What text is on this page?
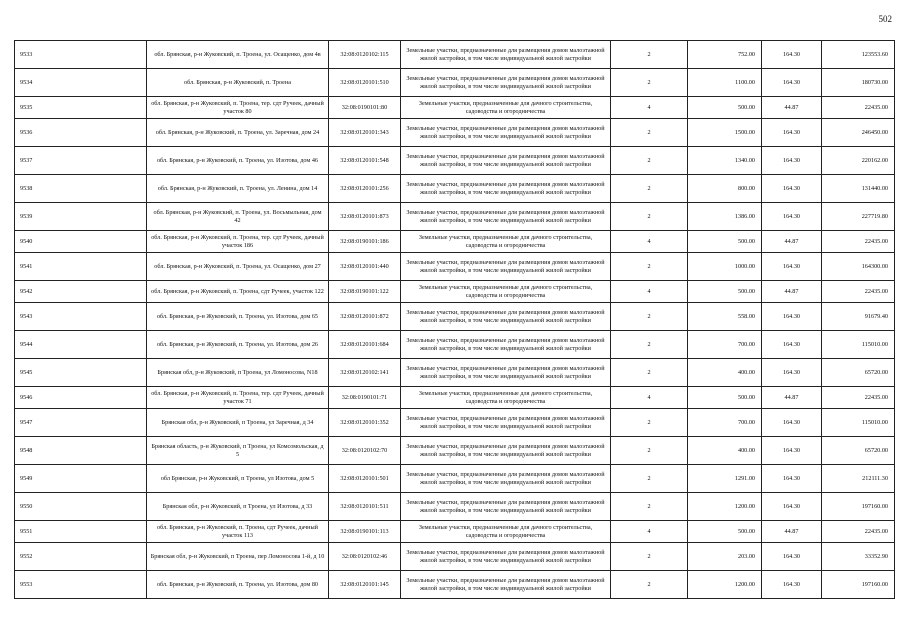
502
9533	обл. Брянская, р-н Жуковский, п. Троена, ул. Осащенко, дом 4в	32:08:0120102:115	Земельные участки, предназначенные для размещения домов малоэтажной жилой застройки, в том числе индивидуальной жилой застройки	2	752.00	164.30	123553.60
9534	обл. Брянская, р-н Жуковский, п. Троена	32:08:0120101:510	Земельные участки, предназначенные для размещения домов малоэтажной жилой застройки, в том числе индивидуальной жилой застройки	2	1100.00	164.30	180730.00
9535	обл. Брянская, р-н Жуковский, п. Троена, тер. сдт Ручеек, дачный участок 80	32:08:0190101:80	Земельные участки, предназначенные для дачного строительства, садоводства и огородничества	4	500.00	44.87	22435.00
9536	обл. Брянская, р-н Жуковский, п. Троена, ул. Заречная, дом 24	32:08:0120101:343	Земельные участки, предназначенные для размещения домов малоэтажной жилой застройки, в том числе индивидуальной жилой застройки	2	1500.00	164.30	246450.00
9537	обл. Брянская, р-н Жуковский, п. Троена, ул. Изотова, дом 46	32:08:0120101:548	Земельные участки, предназначенные для размещения домов малоэтажной жилой застройки, в том числе индивидуальной жилой застройки	2	1340.00	164.30	220162.00
9538	обл. Брянская, р-н Жуковский, п. Троена, ул. Ленина, дом 14	32:08:0120101:256	Земельные участки, предназначенные для размещения домов малоэтажной жилой застройки, в том числе индивидуальной жилой застройки	2	800.00	164.30	131440.00
9539	обл. Брянская, р-н Жуковский, п. Троена, ул. Восьмыльная, дом 42	32:08:0120101:873	Земельные участки, предназначенные для размещения домов малоэтажной жилой застройки, в том числе индивидуальной жилой застройки	2	1386.00	164.30	227719.80
9540	обл. Брянская, р-н Жуковский, п. Троена, тер. сдт Ручеек, дачный участок 186	32:08:0190101:186	Земельные участки, предназначенные для дачного строительства, садоводства и огородничества	4	500.00	44.87	22435.00
9541	обл. Брянская, р-н Жуковский, п. Троена, ул. Осащенко, дом 27	32:08:0120101:440	Земельные участки, предназначенные для размещения домов малоэтажной жилой застройки, в том числе индивидуальной жилой застройки	2	1000.00	164.30	164300.00
9542	обл. Брянская, р-н Жуковский, п. Троена, сдт Ручеек, участок 122	32:08:0190101:122	Земельные участки, предназначенные для дачного строительства, садоводства и огородничества	4	500.00	44.87	22435.00
9543	обл. Брянская, р-н Жуковский, п. Троена, ул. Изотова, дом 65	32:08:0120101:872	Земельные участки, предназначенные для размещения домов малоэтажной жилой застройки, в том числе индивидуальной жилой застройки	2	558.00	164.30	91679.40
9544	обл. Брянская, р-н Жуковский, п. Троена, ул. Изотова, дом 26	32:08:0120101:684	Земельные участки, предназначенные для размещения домов малоэтажной жилой застройки, в том числе индивидуальной жилой застройки	2	700.00	164.30	115010.00
9545	Брянская обл, р-н Жуковский, п Троена, ул Ломоносова, N18	32:08:0120102:141	Земельные участки, предназначенные для размещения домов малоэтажной жилой застройки, в том числе индивидуальной жилой застройки	2	400.00	164.30	65720.00
9546	обл. Брянская, р-н Жуковский, п. Троена, тер. сдт Ручеек, дачный участок 71	32:08:0190101:71	Земельные участки, предназначенные для дачного строительства, садоводства и огородничества	4	500.00	44.87	22435.00
9547	Брянская обл, р-н Жуковский, п Троена, ул Заречная, д 34	32:08:0120101:352	Земельные участки, предназначенные для размещения домов малоэтажной жилой застройки, в том числе индивидуальной жилой застройки	2	700.00	164.30	115010.00
9548	Брянская область, р-н Жуковский, п Троена, ул Комсомольская, д 5	32:08:0120102:70	Земельные участки, предназначенные для размещения домов малоэтажной жилой застройки, в том числе индивидуальной жилой застройки	2	400.00	164.30	65720.00
9549	обл Брянская, р-н Жуковский, п Троена, ул Изотова, дом 5	32:08:0120101:501	Земельные участки, предназначенные для размещения домов малоэтажной жилой застройки, в том числе индивидуальной жилой застройки	2	1291.00	164.30	212111.30
9550	Брянская обл, р-н Жуковский, п Троена, ул Изотова, д 33	32:08:0120101:511	Земельные участки, предназначенные для размещения домов малоэтажной жилой застройки, в том числе индивидуальной жилой застройки	2	1200.00	164.30	197160.00
9551	обл. Брянская, р-н Жуковский, п. Троена, сдт Ручеек, дачный участок 113	32:08:0190101:113	Земельные участки, предназначенные для дачного строительства, садоводства и огородничества	4	500.00	44.87	22435.00
9552	Брянская обл, р-н Жуковский, п Троена, пер Ломоносова 1-й, д 10	32:08:0120102:46	Земельные участки, предназначенные для размещения домов малоэтажной жилой застройки, в том числе индивидуальной жилой застройки	2	203.00	164.30	33352.90
9553	обл. Брянская, р-н Жуковский, п. Троена, ул. Изотова, дом 80	32:08:0120101:145	Земельные участки, предназначенные для размещения домов малоэтажной жилой застройки, в том числе индивидуальной жилой застройки	2	1200.00	164.30	197160.00
